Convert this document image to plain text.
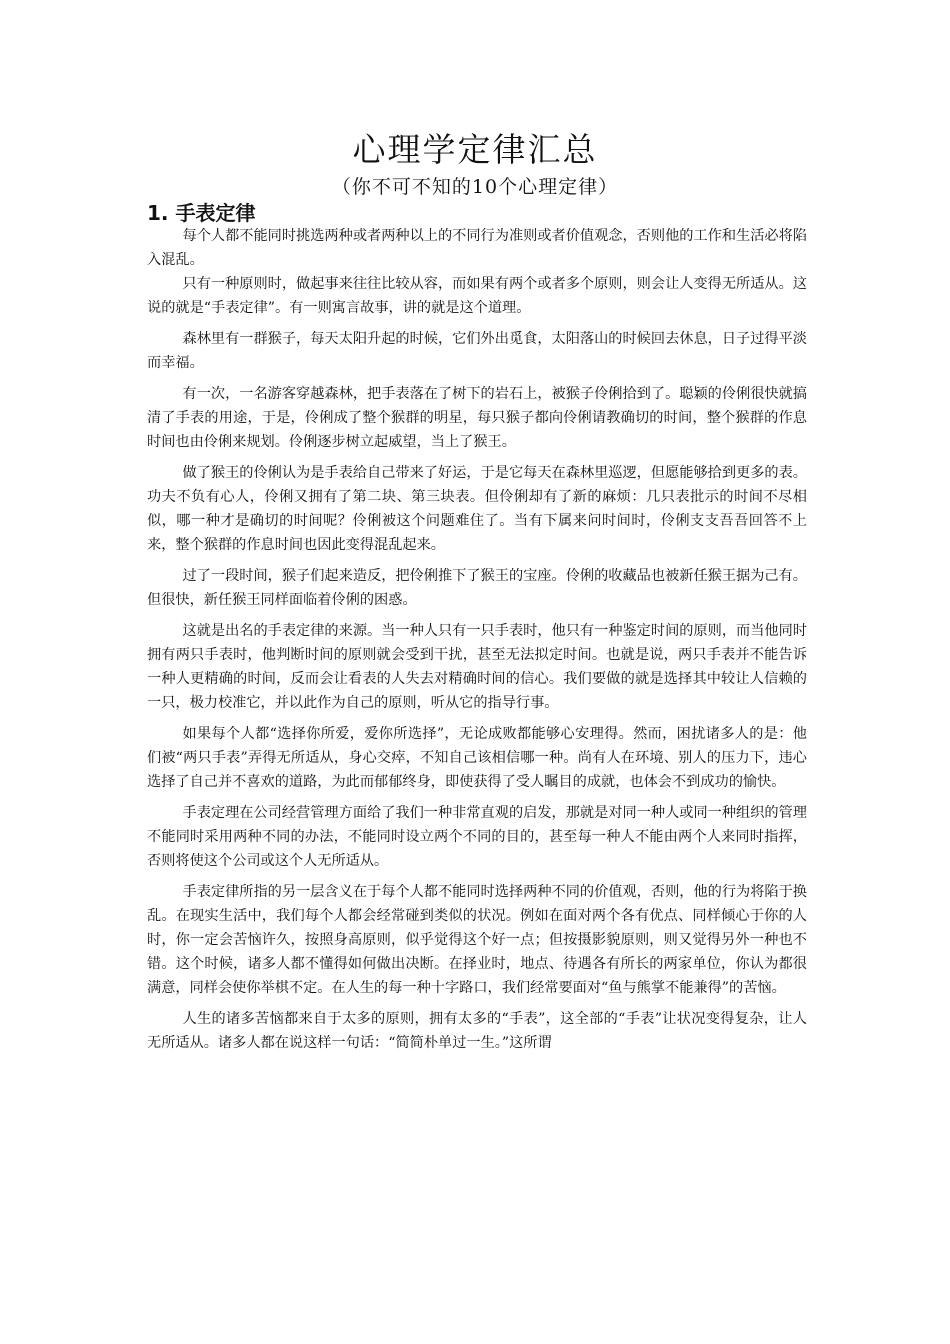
心理学定律汇总
（你不可不知的10个心理定律）
1. 手表定律

每个人都不能同时挑选两种或者两种以上的不同行为准则或者价值观念，否则他的工作和生活必将陷入混乱。

只有一种原则时，做起事来往往比较从容，而如果有两个或者多个原则，则会让人变得无所适从。这说的就是“手表定律”。有一则寓言故事，讲的就是这个道理。

森林里有一群猴子，每天太阳升起的时候，它们外出觅食，太阳落山的时候回去休息，日子过得平淡而幸福。

有一次，一名游客穿越森林，把手表落在了树下的岩石上，被猴子伶俐拾到了。聪颖的伶俐很快就搞清了手表的用途，于是，伶俐成了整个猴群的明星，每只猴子都向伶俐请教确切的时间，整个猴群的作息时间也由伶俐来规划。伶俐逐步树立起威望，当上了猴王。

做了猴王的伶俐认为是手表给自己带来了好运，于是它每天在森林里巡逻，但愿能够拾到更多的表。功夫不负有心人，伶俐又拥有了第二块、第三块表。但伶俐却有了新的麻烦：几只表批示的时间不尽相似，哪一种才是确切的时间呢？伶俐被这个问题难住了。当有下属来问时间时，伶俐支支吾吾回答不上来，整个猴群的作息时间也因此变得混乱起来。

过了一段时间，猴子们起来造反，把伶俐推下了猴王的宝座。伶俐的收藏品也被新任猴王据为己有。但很快，新任猴王同样面临着伶俐的困惑。

这就是出名的手表定律的来源。当一种人只有一只手表时，他只有一种鉴定时间的原则，而当他同时拥有两只手表时，他判断时间的原则就会受到干扰，甚至无法拟定时间。也就是说，两只手表并不能告诉一种人更精确的时间，反而会让看表的人失去对精确时间的信心。我们要做的就是选择其中较让人信赖的一只，极力校准它，并以此作为自己的原则，听从它的指导行事。

如果每个人都“选择你所爱，爱你所选择”，无论成败都能够心安理得。然而，困扰诸多人的是：他们被“两只手表”弄得无所适从，身心交瘁，不知自己该相信哪一种。尚有人在环境、别人的压力下，违心选择了自己并不喜欢的道路，为此而郁郁终身，即使获得了受人瞩目的成就，也体会不到成功的愉快。

手表定理在公司经营管理方面给了我们一种非常直观的启发，那就是对同一种人或同一种组织的管理不能同时采用两种不同的办法，不能同时设立两个不同的目的，甚至每一种人不能由两个人来同时指挥，否则将使这个公司或这个人无所适从。

手表定律所指的另一层含义在于每个人都不能同时选择两种不同的价值观，否则，他的行为将陷于换乱。在现实生活中，我们每个人都会经常碰到类似的状况。例如在面对两个各有优点、同样倾心于你的人时，你一定会苦恼许久，按照身高原则，似乎觉得这个好一点；但按摄影貌原则，则又觉得另外一种也不错。这个时候，诸多人都不懂得如何做出决断。在择业时，地点、待遇各有所长的两家单位，你认为都很满意，同样会使你举棋不定。在人生的每一种十字路口，我们经常要面对“鱼与熊掌不能兼得”的苦恼。

人生的诸多苦恼都来自于太多的原则，拥有太多的“手表”，这全部的“手表”让状况变得复杂，让人无所适从。诸多人都在说这样一句话：“简简朴单过一生。”这所谓
